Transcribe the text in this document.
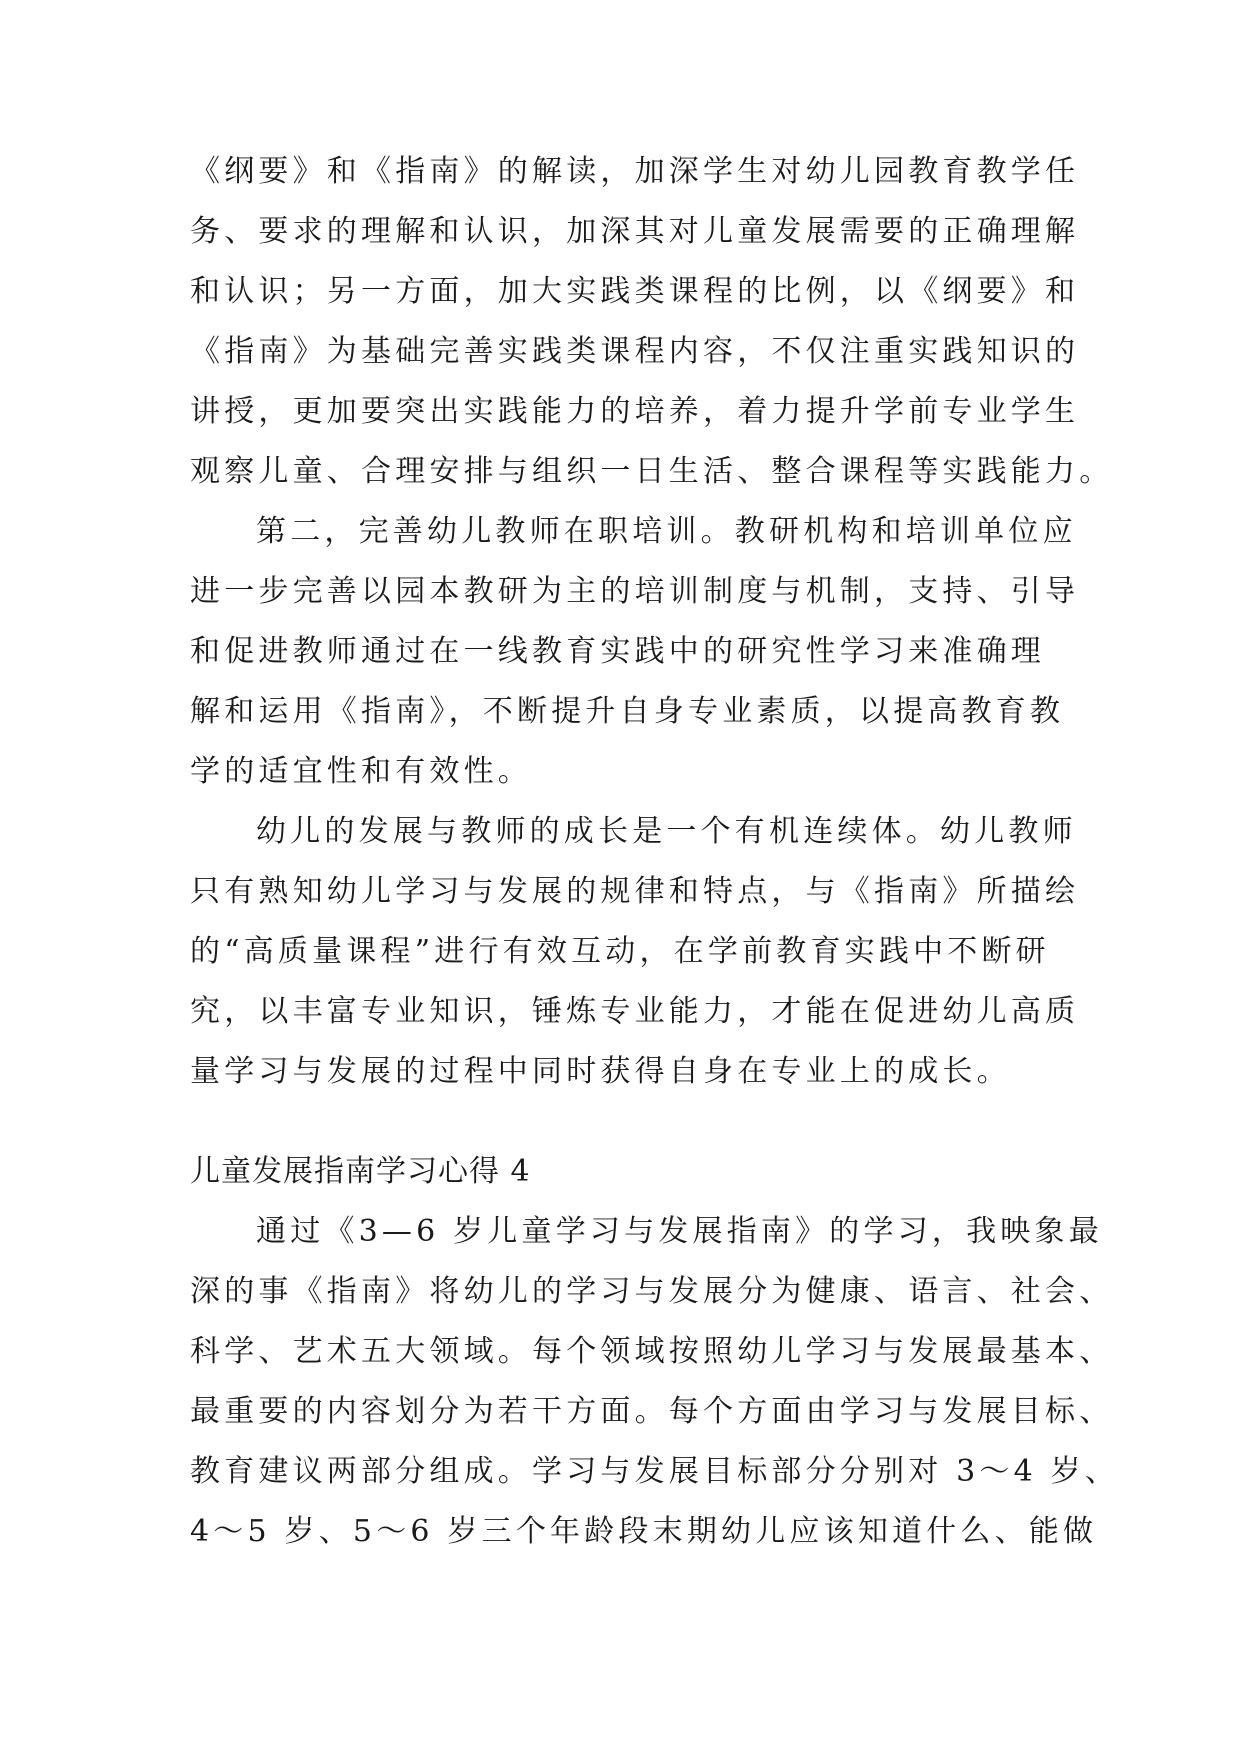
《纲要》和《指南》的解读，加深学生对幼儿园教育教学任
务、要求的理解和认识，加深其对儿童发展需要的正确理解
和认识；另一方面，加大实践类课程的比例，以《纲要》和
《指南》为基础完善实践类课程内容，不仅注重实践知识的
讲授，更加要突出实践能力的培养，着力提升学前专业学生
观察儿童、合理安排与组织一日生活、整合课程等实践能力。
第二，完善幼儿教师在职培训。教研机构和培训单位应
进一步完善以园本教研为主的培训制度与机制，支持、引导
和促进教师通过在一线教育实践中的研究性学习来准确理
解和运用《指南》，不断提升自身专业素质，以提高教育教
学的适宜性和有效性。
幼儿的发展与教师的成长是一个有机连续体。幼儿教师
只有熟知幼儿学习与发展的规律和特点，与《指南》所描绘
的“高质量课程”进行有效互动，在学前教育实践中不断研
究，以丰富专业知识，锤炼专业能力，才能在促进幼儿高质
量学习与发展的过程中同时获得自身在专业上的成长。
儿童发展指南学习心得 4
通过《3—6 岁儿童学习与发展指南》的学习，我映象最
深的事《指南》将幼儿的学习与发展分为健康、语言、社会、
科学、艺术五大领域。每个领域按照幼儿学习与发展最基本、
最重要的内容划分为若干方面。每个方面由学习与发展目标、
教育建议两部分组成。学习与发展目标部分分别对 3～4 岁、
4～5 岁、5～6 岁三个年龄段末期幼儿应该知道什么、能做
